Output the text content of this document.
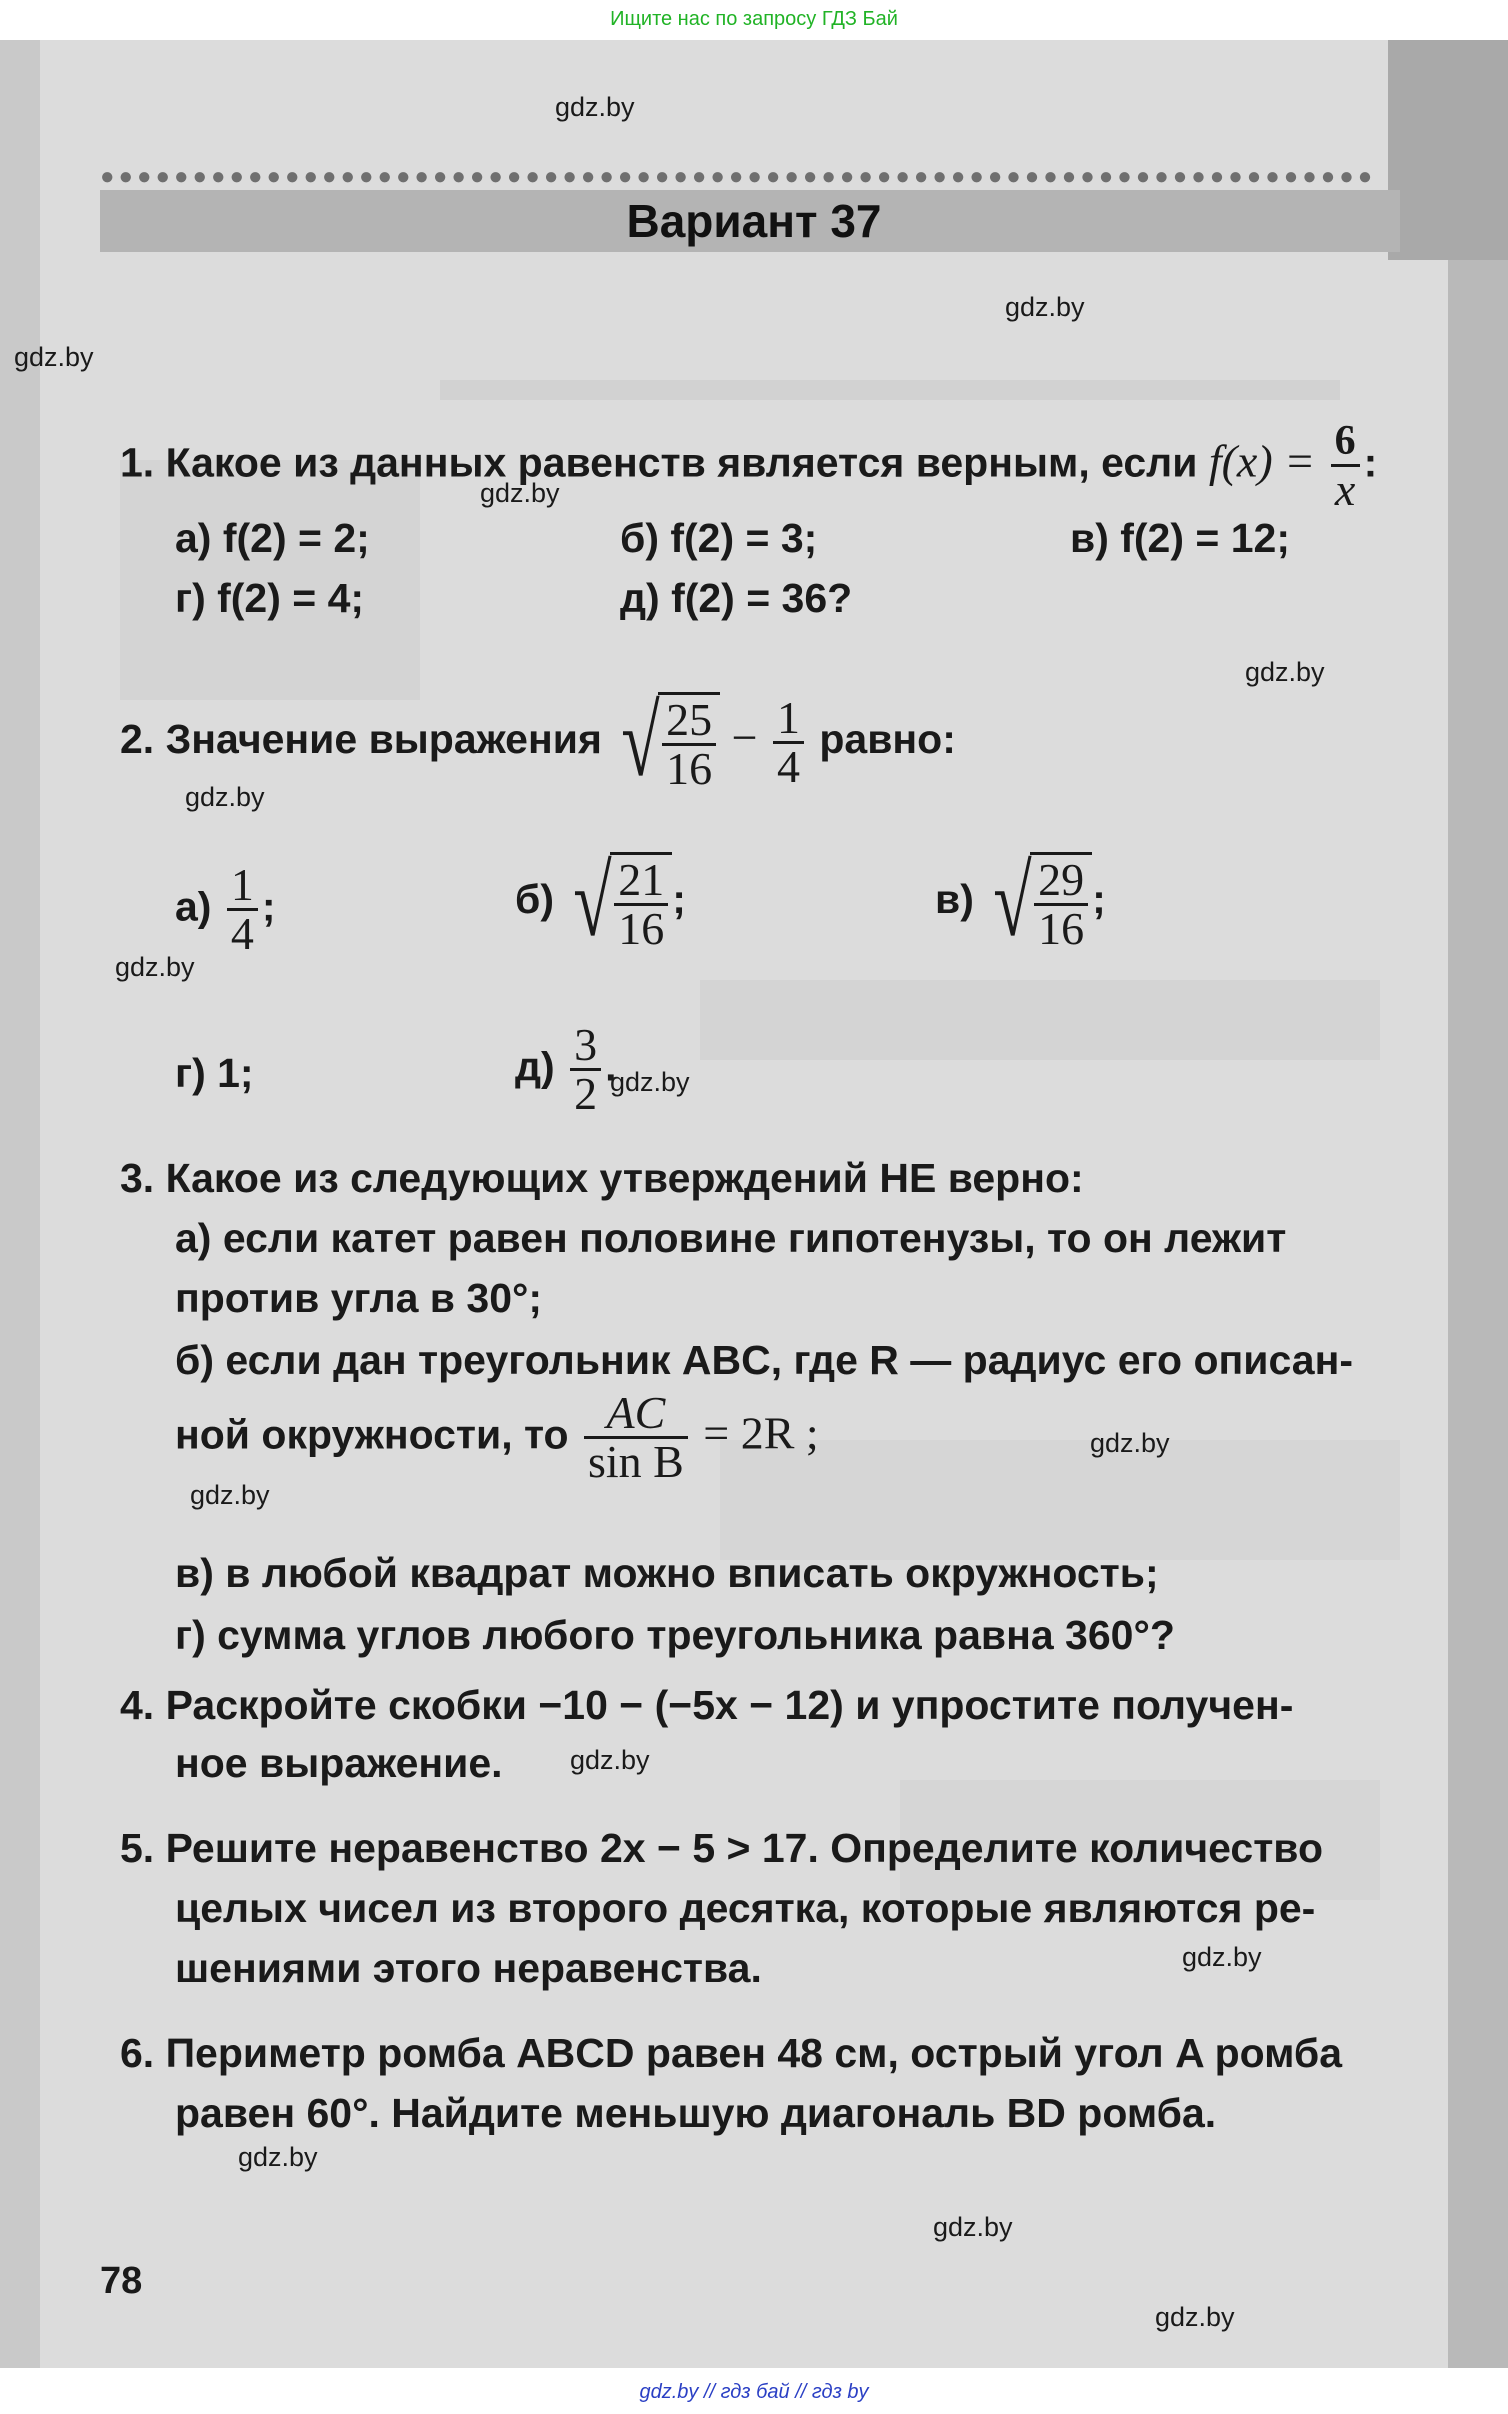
Ищите нас по запросу ГДЗ Бай
●●●●●●●●●●●●●●●●●●●●●●●●●●●●●●●●●●●●●●●●●●●●●●●●●●●●●●●●●●●●●●●●●●●●●
Вариант 37
1. Какое из данных равенств является верным, если $f(x) = \frac{6}{x}$ :
а) f(2) = 2;	б) f(2) = 3;	в) f(2) = 12;
г) f(2) = 4;	д) f(2) = 36?
2. Значение выражения √ $\frac{25}{16} - \frac{1}{4}$ равно:
$а) \frac{1}{4}$ ;	б) √ $\frac{21}{16}$ ;	в) √ $\frac{29}{16}$ ;
г) 1;	$д) \frac{3}{2}$ .
3. Какое из следующих утверждений НЕ верно:
а) если катет равен половине гипотенузы, то он лежит
против угла в 30°;
б) если дан треугольник ABC, где R — радиус его описан-
ной окружности, то $\frac{AC}{\text{sin B}} = 2R$ ;
в) в любой квадрат можно вписать окружность;
г) сумма углов любого треугольника равна 360°?
4. Раскройте скобки −10 − (−5x − 12) и упростите получен-
ное выражение.
5. Решите неравенство 2x − 5 > 17. Определите количество
целых чисел из второго десятка, которые являются ре-
шениями этого неравенства.
6. Периметр ромба ABCD равен 48 см, острый угол A ромба
равен 60°. Найдите меньшую диагональ BD ромба.
78
gdz.by
gdz.by
gdz.by
gdz.by
gdz.by
gdz.by
gdz.by
gdz.by
gdz.by
gdz.by
gdz.by
gdz.by
gdz.by
gdz.by
gdz.by
gdz.by // гдз бай // гдз by
